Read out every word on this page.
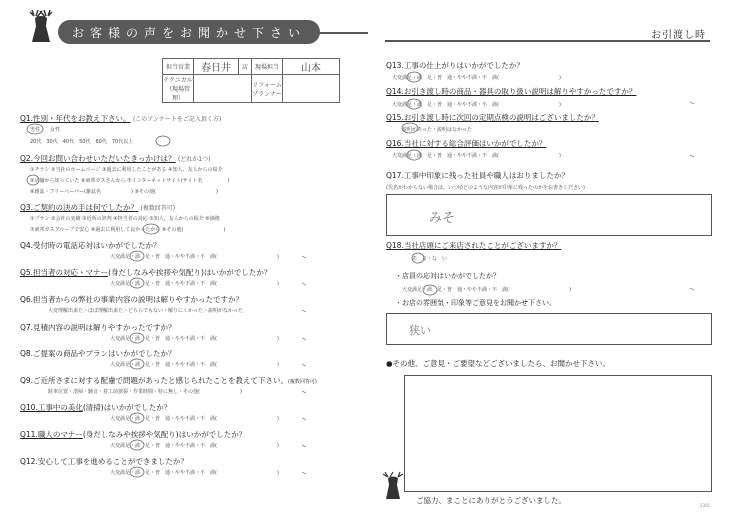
お客様の声をお聞かせ下さい	お引渡し時
担当営業	春日井	店	現場担当	山本
テクニカル（現場管理）			リフォームプランナー	
Q1.性別・年代をお教え下さい。 (このアンケートをご記入頂く方)
男性　　女性
20代　30代　40代　50代　60代　70代以上
Q2.今回お問い合わせいただいたきっかけは？ (どれか1つ)
①チラシ ②当社のホームページ ③過去に利用したことがある ④知人、友人からの紹介
⑤店舗から知っていた ⑥東邦ガスさんから ⑦インターネットサイト(サイト名　　　　　)
⑧雑誌・フリーペーパー(雑誌名　　　　　　) ⑨その他(　　　　　　　　　　　　)
Q3.ご契約の決め手は何でしたか？ (複数回答可)
①プラン ②会社の実績 ③近所の評判 ④担当者の対応 ⑤知人、友人からの紹介 ⑥価格
⑦東邦ガスグループで安心 ⑧過去に利用して良かったから ⑨その他(　　　　　　　　)
Q4.受付時の電話応対はいかがでしたか？
大変満足・満　足・普　通・やや不満・不　満(　　　　　　　　　　　　)
Q5.担当者の対応・マナー(身だしなみや挨拶や気配り)はいかがでしたか？
大変満足・満　足・普　通・やや不満・不　満(　　　　　　　　　　　　)
Q6.担当者からの弊社の事業内容の説明は解りやすかったですか？
大変理解出来た・ほぼ理解出来た・どちらでもない・解りにくかった・説明がなかった
Q7.見積内容の説明は解りやすかったですか？
大変満足・満　足・普　通・やや不満・不　満(　　　　　　　　　　　　)
Q8.ご提案の商品やプランはいかがでしたか？
大変満足・満　足・普　通・やや不満・不　満(　　　　　　　　　　　　)
Q9.ご近所さまに対する配慮で問題があったと感じられたことを教えて下さい。(複数回答可)
駐車位置・清掃・騒音・着工前挨拶・作業時間・特に無し・その他(　　　　　　　　)
Q10.工事中の美化(清掃)はいかがでしたか？
大変満足・満　足・普　通・やや不満・不　満(　　　　　　　　　　　　)
Q11.職人のマナー(身だしなみや挨拶や気配り)はいかがでしたか？
大変満足・満　足・普　通・やや不満・不　満(　　　　　　　　　　　　)
Q12.安心して工事を進めることができましたか？
大変満足・満　足・普　通・やや不満・不　満(　　　　　　　　　　　　)
Q13.工事の仕上がりはいかがでしたか？
大変満足・満　足・普　通・やや不満・不　満(　　　　　　　　　　　　)
Q14.お引き渡し時の商品・器具の取り扱い説明は解りやすかったですか？
大変満足・満　足・普　通・やや不満・不　満(　　　　　　　　　　　　)
Q15.お引き渡し時に次回の定期点検の説明はございましたか？
説明があった・説明はなかった
Q16.当社に対する総合評価はいかがでしたか？
大変満足・満　足・普　通・やや不満・不　満(　　　　　　　　　　　　)
Q17.工事中印象に残った社員や職人はおりましたか？
(氏名がわからない場合は、いつ頃どのような内容が印象に残ったのかをお書きください)
みそ
Q18.当社店頭にご来店されたことがございますか？
あ　る・な　い
・店員の応対はいかがでしたか？
大変満足・満　足・普　通・やや不満・不　満(　　　　　　　　　　　　)
・お店の雰囲気・印象等ご意見をお聞かせ下さい。
狭い
●その他、ご意見・ご要望などございましたら、お聞かせ下さい。
ご協力、まことにありがとうございました。
2301
